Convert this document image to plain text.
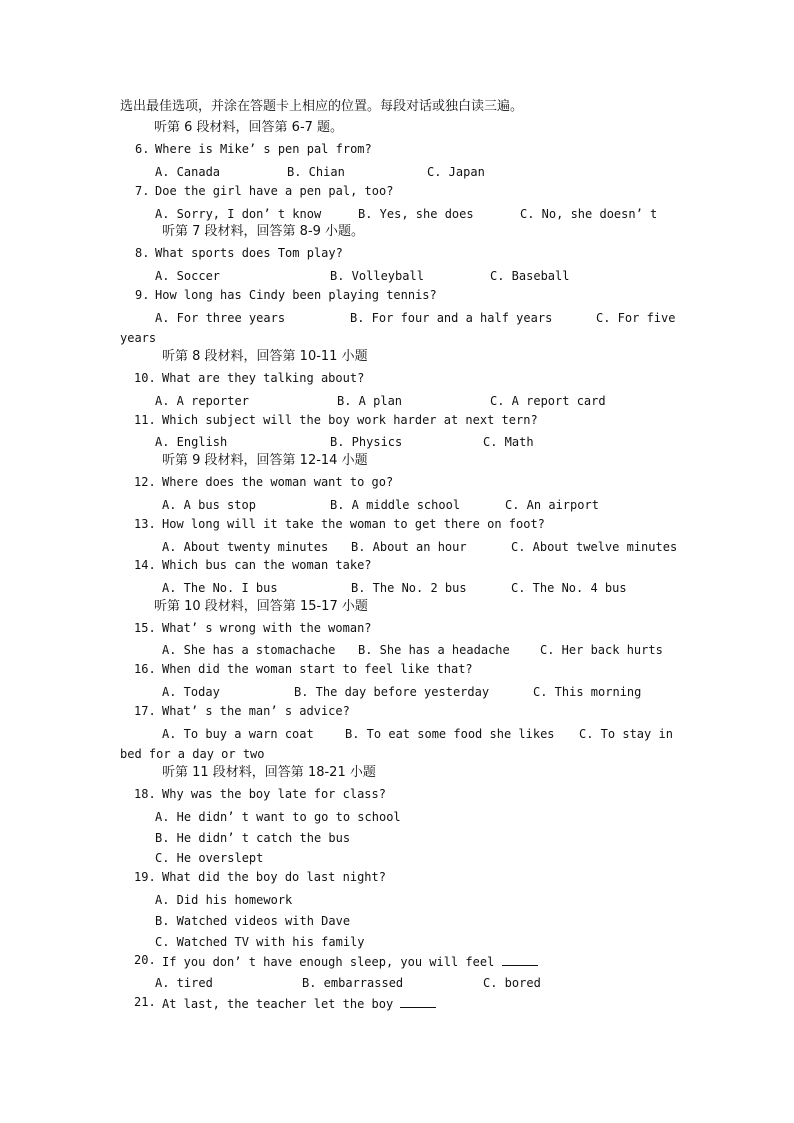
选出最佳选项，并涂在答题卡上相应的位置。每段对话或独白读三遍。
听第 6 段材料，回答第 6-7 题。
6. Where is Mike’ s pen pal from?
A. Canada	B. Chian	C. Japan
7. Doe the girl have a pen pal, too?
A. Sorry, I don’ t know	B. Yes, she does	C. No, she doesn’ t
听第 7 段材料，回答第 8-9 小题。
8. What sports does Tom play?
A. Soccer	B. Volleyball	C. Baseball
9. How long has Cindy been playing tennis?
A. For three years	B. For four and a half years	C. For five
years
听第 8 段材料，回答第 10-11 小题
10. What are they talking about?
A. A reporter	B. A plan	C. A report card
11. Which subject will the boy work harder at next tern?
A. English	B. Physics	C. Math
听第 9 段材料，回答第 12-14 小题
12. Where does the woman want to go?
A. A bus stop	B. A middle school	C. An airport
13. How long will it take the woman to get there on foot?
A. About twenty minutes B. About an hour	C. About twelve minutes
14. Which bus can the woman take?
A. The No. I bus	B. The No. 2 bus	C. The No. 4 bus
听第 10 段材料，回答第 15-17 小题
15. What’ s wrong with the woman?
A. She has a stomachache B. She has a headache	C. Her back hurts
16. When did the woman start to feel like that?
A. Today	B. The day before yesterday	C. This morning
17. What’ s the man’ s advice?
A. To buy a warn coat	B. To eat some food she likes C. To stay in
bed for a day or two
听第 11 段材料，回答第 18-21 小题
18. Why was the boy late for class?
A. He didn’ t want to go to school
B. He didn’ t catch the bus
C. He overslept
19. What did the boy do last night?
A. Did his homework
B. Watched videos with Dave
C. Watched TV with his family
20. If you don’ t have enough sleep, you will feel
A. tired	B. embarrassed	C. bored
21. At last, the teacher let the boy
